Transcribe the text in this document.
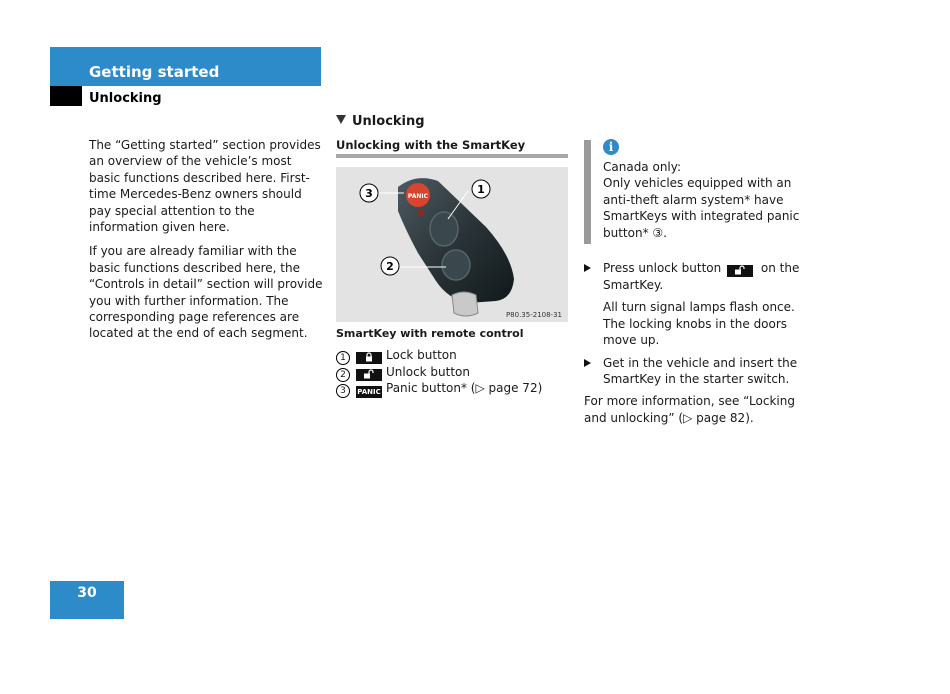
Getting started
Unlocking

The “Getting started” section provides an overview of the vehicle’s most basic functions described here. First-time Mercedes-Benz owners should pay special attention to the information given here.

If you are already familiar with the basic functions described here, the “Controls in detail” section will provide you with further information. The corresponding page references are located at the end of each segment.

Unlocking
Unlocking with the SmartKey
PANIC
1
2
3
P80.35-2108-31
SmartKey with remote control
1	Lock button
2	Unlock button
3 PANIC Panic button* (▷ page 72)
i
Canada only:
Only vehicles equipped with an anti-theft alarm system* have SmartKeys with integrated panic button* ③.
Press unlock button	on the SmartKey.
All turn signal lamps flash once. The locking knobs in the doors move up.
Get in the vehicle and insert the SmartKey in the starter switch.

For more information, see “Locking and unlocking” (▷ page 82).

30
